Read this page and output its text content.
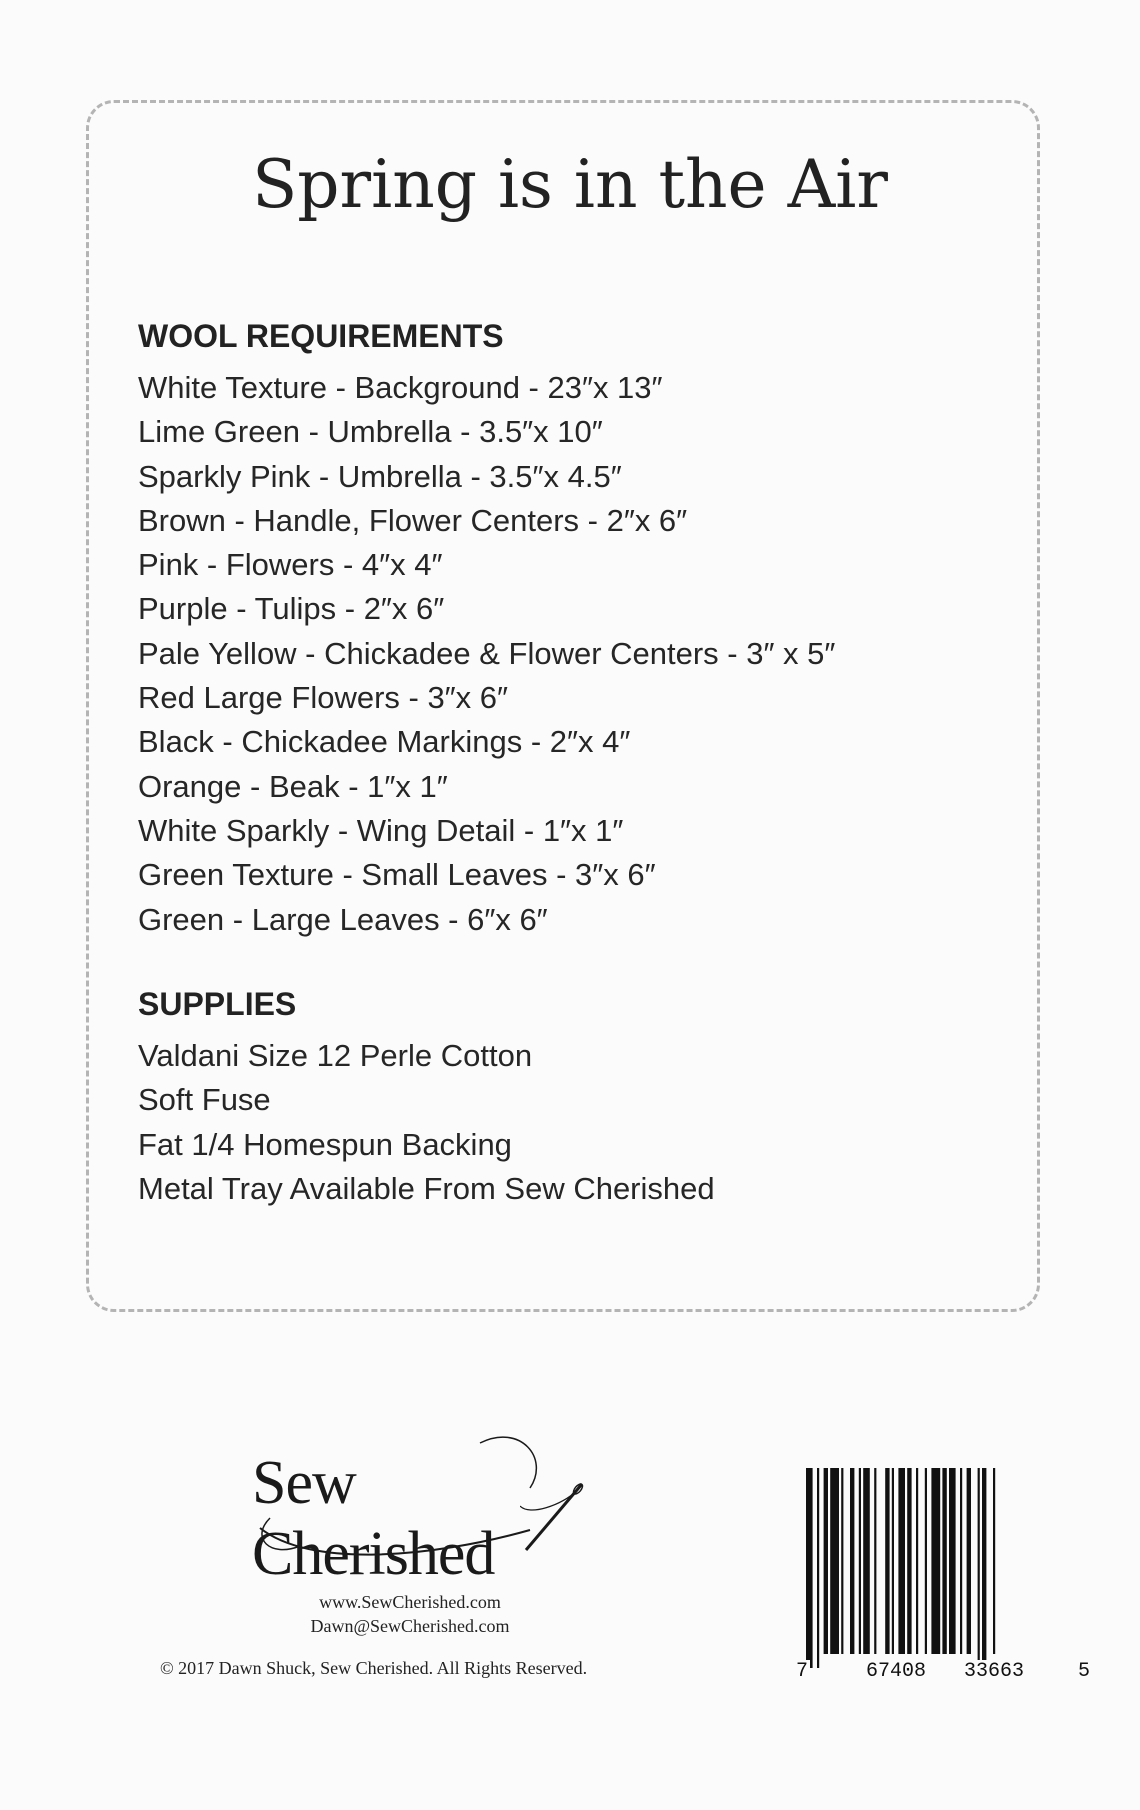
Spring is in the Air
WOOL REQUIREMENTS
White Texture - Background - 23″x 13″
Lime Green - Umbrella - 3.5″x 10″
Sparkly Pink - Umbrella - 3.5″x 4.5″
Brown - Handle, Flower Centers - 2″x 6″
Pink - Flowers - 4″x 4″
Purple - Tulips - 2″x 6″
Pale Yellow - Chickadee & Flower Centers - 3″ x 5″
Red Large Flowers - 3″x 6″
Black - Chickadee Markings - 2″x 4″
Orange - Beak - 1″x 1″
White Sparkly - Wing Detail - 1″x 1″
Green Texture - Small Leaves - 3″x 6″
Green - Large Leaves - 6″x 6″
SUPPLIES
Valdani Size 12 Perle Cotton
Soft Fuse
Fat 1/4 Homespun Backing
Metal Tray Available From Sew Cherished
Sew Cherished
www.SewCherished.com
Dawn@SewCherished.com
© 2017 Dawn Shuck, Sew Cherished. All Rights Reserved.	7	67408 33663	5
